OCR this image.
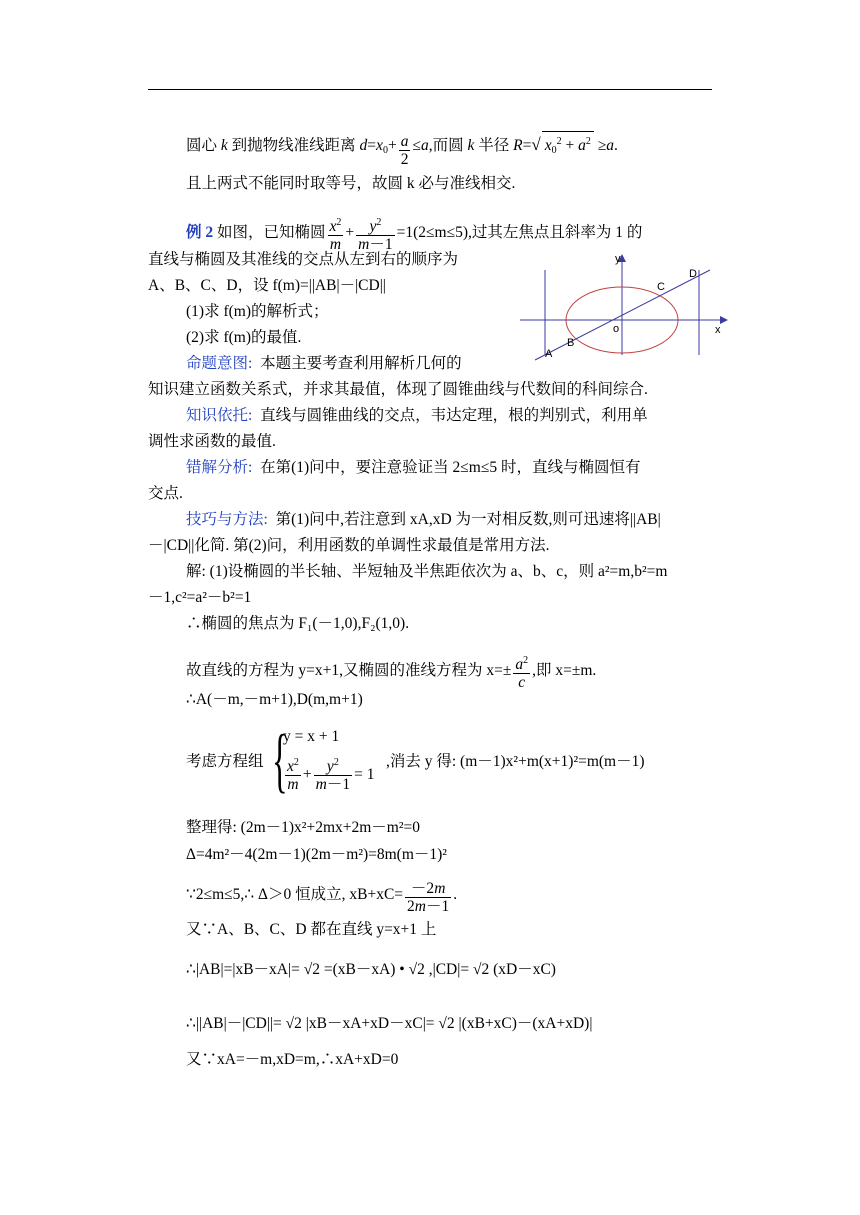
圆心 k 到抛物线准线距离 $d=x_0+ \frac{a}{2} \le a$,而圆 k 半径 R=√ $x_0^2 + a^2 \ge a$.
且上两式不能同时取等号，故圆 k 必与准线相交.
例 2 如图，已知椭圆 $\frac{x^2}{m} + \frac{y^2}{m-1} =1(2\le m\le 5)$,过其左焦点且斜率为 1 的
直线与椭圆及其准线的交点从左到右的顺序为
A、B、C、D，设 f(m)=||AB|－|CD||
(1)求 f(m)的解析式；
(2)求 f(m)的最值.
命题意图: 本题主要考查利用解析几何的
知识建立函数关系式，并求其最值，体现了圆锥曲线与代数间的科间综合.
知识依托: 直线与圆锥曲线的交点，韦达定理，根的判别式，利用单
调性求函数的最值.
错解分析: 在第(1)问中，要注意验证当 2≤m≤5 时，直线与椭圆恒有
交点.
技巧与方法: 第(1)问中,若注意到 xA,xD 为一对相反数,则可迅速将||AB|
－|CD||化简. 第(2)问，利用函数的单调性求最值是常用方法.
解: (1)设椭圆的半长轴、半短轴及半焦距依次为 a、b、c，则 a²=m,b²=m
－1,c²=a²－b²=1
∴椭圆的焦点为 F₁(－1,0),F₂(1,0).
故直线的方程为 y=x+1,又椭圆的准线方程为 $x=\pm \frac{a^2}{c}$ ,即 x=±m.
∴A(－m,－m+1),D(m,m+1)
考虑方程组 {
y = x + 1
$\frac{x^2}{m} + \frac{y^2}{m-1} = 1$
,消去 y 得: (m－1)x²+m(x+1)²=m(m－1)
整理得: (2m－1)x²+2mx+2m－m²=0
Δ=4m²－4(2m－1)(2m－m²)=8m(m－1)²
∵2≤m≤5,∴ Δ＞0 恒成立, $xB+xC= \frac{-2m}{2m-1}$ .
又∵A、B、C、D 都在直线 y=x+1 上
∴|AB|=|xB－xA|= √2 =(xB－xA) • √2 ,|CD|= √2 (xD－xC)
∴||AB|－|CD||= √2 |xB－xA+xD－xC|= √2 |(xB+xC)－(xA+xD)|
又∵xA=－m,xD=m,∴xA+xD=0
y
x
o
A
B
C
D
